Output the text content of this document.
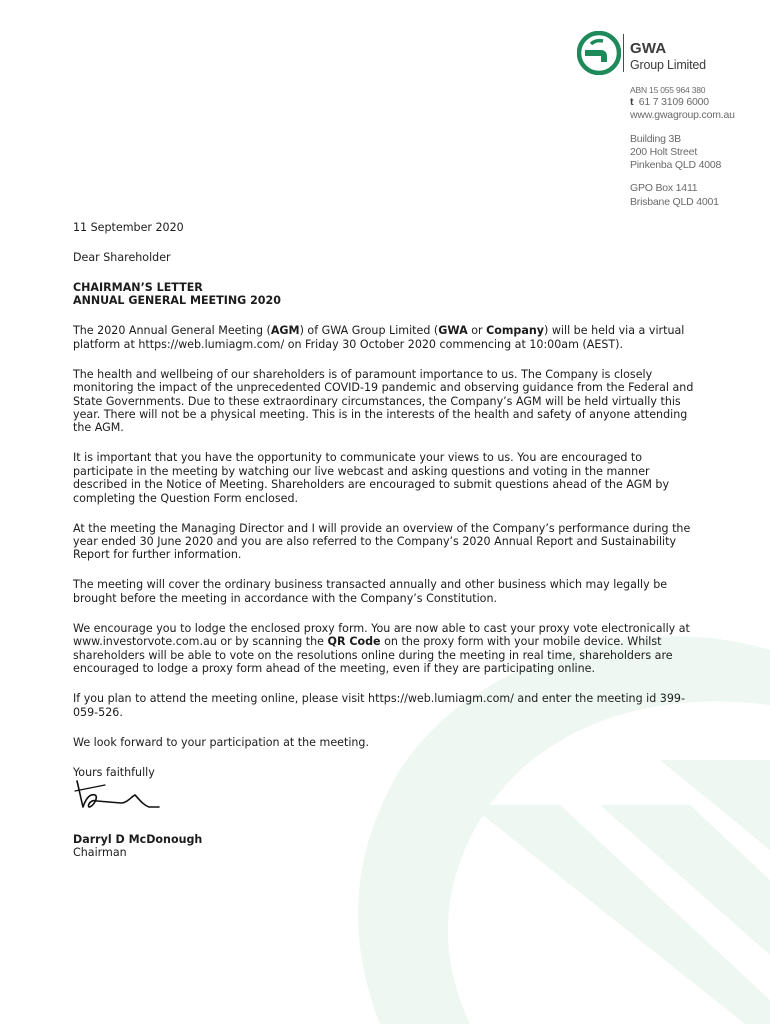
GWA
Group Limited
ABN 15 055 964 380
t 61 7 3109 6000
www.gwagroup.com.au
Building 3B
200 Holt Street
Pinkenba QLD 4008
GPO Box 1411
Brisbane QLD 4001

11 September 2020

Dear Shareholder

CHAIRMAN’S LETTER

ANNUAL GENERAL MEETING 2020

The 2020 Annual General Meeting (AGM) of GWA Group Limited (GWA or Company) will be held via a virtual platform at https://web.lumiagm.com/ on Friday 30 October 2020 commencing at 10:00am (AEST).

The health and wellbeing of our shareholders is of paramount importance to us. The Company is closely monitoring the impact of the unprecedented COVID-19 pandemic and observing guidance from the Federal and State Governments. Due to these extraordinary circumstances, the Company’s AGM will be held virtually this year. There will not be a physical meeting. This is in the interests of the health and safety of anyone attending the AGM.

It is important that you have the opportunity to communicate your views to us. You are encouraged to participate in the meeting by watching our live webcast and asking questions and voting in the manner described in the Notice of Meeting. Shareholders are encouraged to submit questions ahead of the AGM by completing the Question Form enclosed.

At the meeting the Managing Director and I will provide an overview of the Company’s performance during the year ended 30 June 2020 and you are also referred to the Company’s 2020 Annual Report and Sustainability Report for further information.

The meeting will cover the ordinary business transacted annually and other business which may legally be brought before the meeting in accordance with the Company’s Constitution.

We encourage you to lodge the enclosed proxy form. You are now able to cast your proxy vote electronically at www.investorvote.com.au or by scanning the QR Code on the proxy form with your mobile device. Whilst shareholders will be able to vote on the resolutions online during the meeting in real time, shareholders are encouraged to lodge a proxy form ahead of the meeting, even if they are participating online.

If you plan to attend the meeting online, please visit https://web.lumiagm.com/ and enter the meeting id 399-059-526.

We look forward to your participation at the meeting.

Yours faithfully

Darryl D McDonough

Chairman
